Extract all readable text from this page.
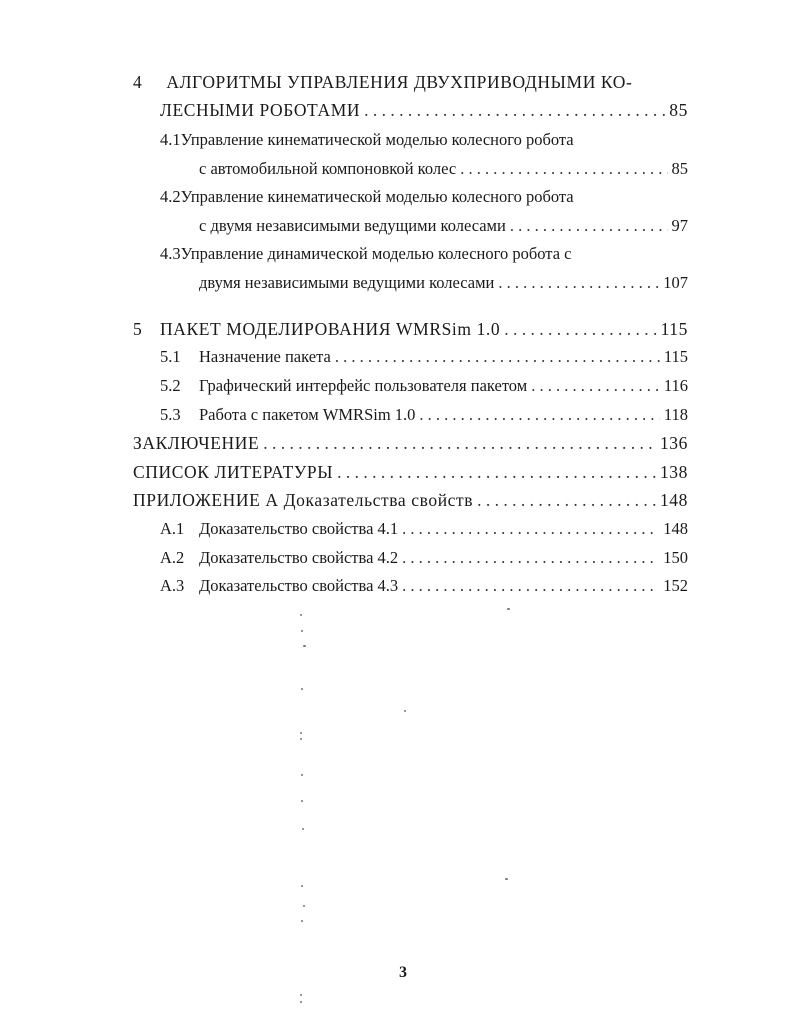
4 АЛГОРИТМЫ УПРАВЛЕНИЯ ДВУХПРИВОДНЫМИ КО-
ЛЕСНЫМИ РОБОТАМИ . . .	85
4.1Управление кинематической моделью колесного робота
с автомобильной компоновкой колес . . .	85
4.2Управление кинематической моделью колесного робота
с двумя независимыми ведущими колесами . . .	97
4.3Управление динамической моделью колесного робота с
двумя независимыми ведущими колесами . . .	107
5	ПАКЕТ МОДЕЛИРОВАНИЯ WMRSim 1.0 . . .	115
5.1	Назначение пакета . . .	115
5.2	Графический интерфейс пользователя пакетом . . .	116
5.3	Работа с пакетом WMRSim 1.0 . . .	118
ЗАКЛЮЧЕНИЕ . . .	136
СПИСОК ЛИТЕРАТУРЫ . . .	138
ПРИЛОЖЕНИЕ А Доказательства свойств . . .	148
А.1 Доказательство свойства 4.1 . . .	148
А.2 Доказательство свойства 4.2 . . .	150
А.3 Доказательство свойства 4.3 . . .	152
3
